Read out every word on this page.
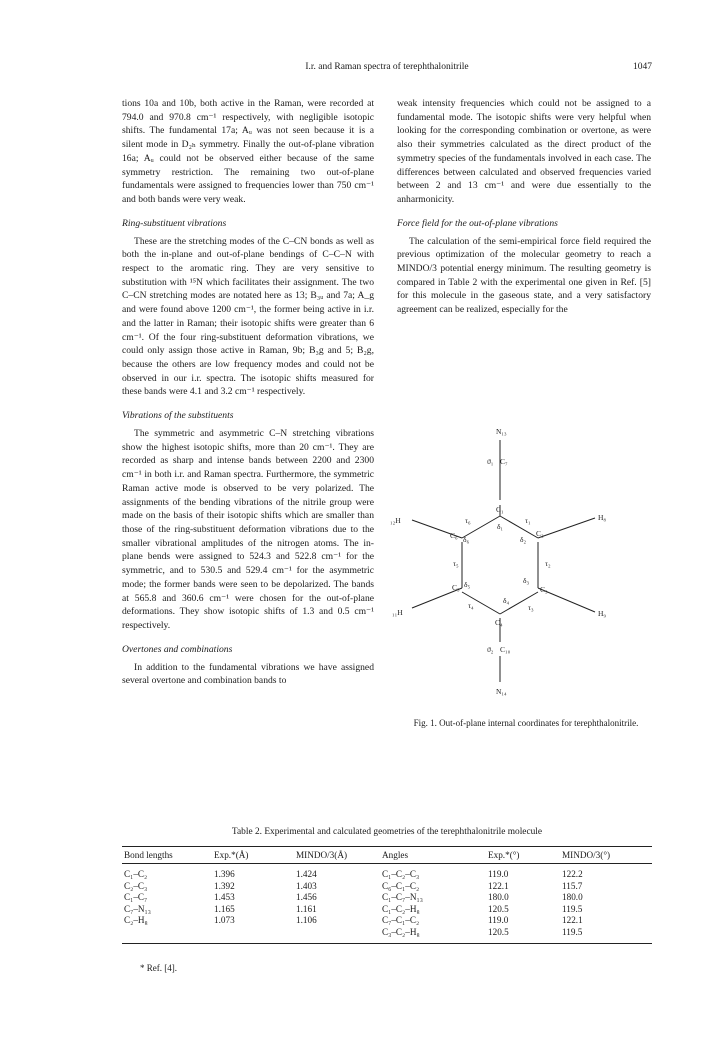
I.r. and Raman spectra of terephthalonitrile	1047

tions 10a and 10b, both active in the Raman, were recorded at 794.0 and 970.8 cm⁻¹ respectively, with negligible isotopic shifts. The fundamental 17a; Aᵤ was not seen because it is a silent mode in D₂ₕ symmetry. Finally the out-of-plane vibration 16a; Aᵤ could not be observed either because of the same symmetry restriction. The remaining two out-of-plane fundamentals were assigned to frequencies lower than 750 cm⁻¹ and both bands were very weak.

Ring-substituent vibrations

These are the stretching modes of the C–CN bonds as well as both the in-plane and out-of-plane bendings of C–C–N with respect to the aromatic ring. They are very sensitive to substitution with ¹⁵N which facilitates their assignment. The two C–CN stretching modes are notated here as 13; B₃ᵤ and 7a; A_g and were found above 1200 cm⁻¹, the former being active in i.r. and the latter in Raman; their isotopic shifts were greater than 6 cm⁻¹. Of the four ring-substituent deformation vibrations, we could only assign those active in Raman, 9b; B₃g and 5; B₂g, because the others are low frequency modes and could not be observed in our i.r. spectra. The isotopic shifts measured for these bands were 4.1 and 3.2 cm⁻¹ respectively.

Vibrations of the substituents

The symmetric and asymmetric C–N stretching vibrations show the highest isotopic shifts, more than 20 cm⁻¹. They are recorded as sharp and intense bands between 2200 and 2300 cm⁻¹ in both i.r. and Raman spectra. Furthermore, the symmetric Raman active mode is observed to be very polarized. The assignments of the bending vibrations of the nitrile group were made on the basis of their isotopic shifts which are smaller than those of the ring-substituent deformation vibrations due to the smaller vibrational amplitudes of the nitrogen atoms. The in-plane bends were assigned to 524.3 and 522.8 cm⁻¹ for the symmetric, and to 530.5 and 529.4 cm⁻¹ for the asymmetric mode; the former bands were seen to be depolarized. The bands at 565.8 and 360.6 cm⁻¹ were chosen for the out-of-plane deformations. They show isotopic shifts of 1.3 and 0.5 cm⁻¹ respectively.

Overtones and combinations

In addition to the fundamental vibrations we have assigned several overtone and combination bands to

weak intensity frequencies which could not be assigned to a fundamental mode. The isotopic shifts were very helpful when looking for the corresponding combination or overtone, as were also their symmetries calculated as the direct product of the symmetry species of the fundamentals involved in each case. The differences between calculated and observed frequencies varied between 2 and 13 cm⁻¹ and were due essentially to the anharmonicity.

Force field for the out-of-plane vibrations

The calculation of the semi-empirical force field required the previous optimization of the molecular geometry to reach a MINDO/3 potential energy minimum. The resulting geometry is compared in Table 2 with the experimental one given in Ref. [5] for this molecule in the gaseous state, and a very satisfactory agreement can be realized, especially for the

N₁₃
ϑ₁ C₇
C₁
₁₂H	H₈
τ₆	τ₁
δ₁
C₆ δ₆	δ₂
C₂
τ₅	τ₂
C₅ δ₅	δ₃
C₃
₁₁H
τ₄
δ₄
τ₃
C₄
H₉
ϑ₂ C₁₀
N₁₄
Fig. 1. Out-of-plane internal coordinates for terephthalonitrile.
Table 2. Experimental and calculated geometries of the terephthalonitrile molecule
Bond lengths	Exp.*(Å)	MINDO/3(Å)	Angles	Exp.*(°)	MINDO/3(°)
C₁–C₂	1.396	1.424	C₁–C₂–C₃	119.0	122.2
C₂–C₃	1.392	1.403	C₆–C₁–C₂	122.1	115.7
C₁–C₇	1.453	1.456	C₁–C₇–N₁₃	180.0	180.0
C₇–N₁₃	1.165	1.161	C₁–C₂–H₈	120.5	119.5
C₂–H₈	1.073	1.106	C₇–C₁–C₂	119.0	122.1
			C₃–C₂–H₈	120.5	119.5
* Ref. [4].
